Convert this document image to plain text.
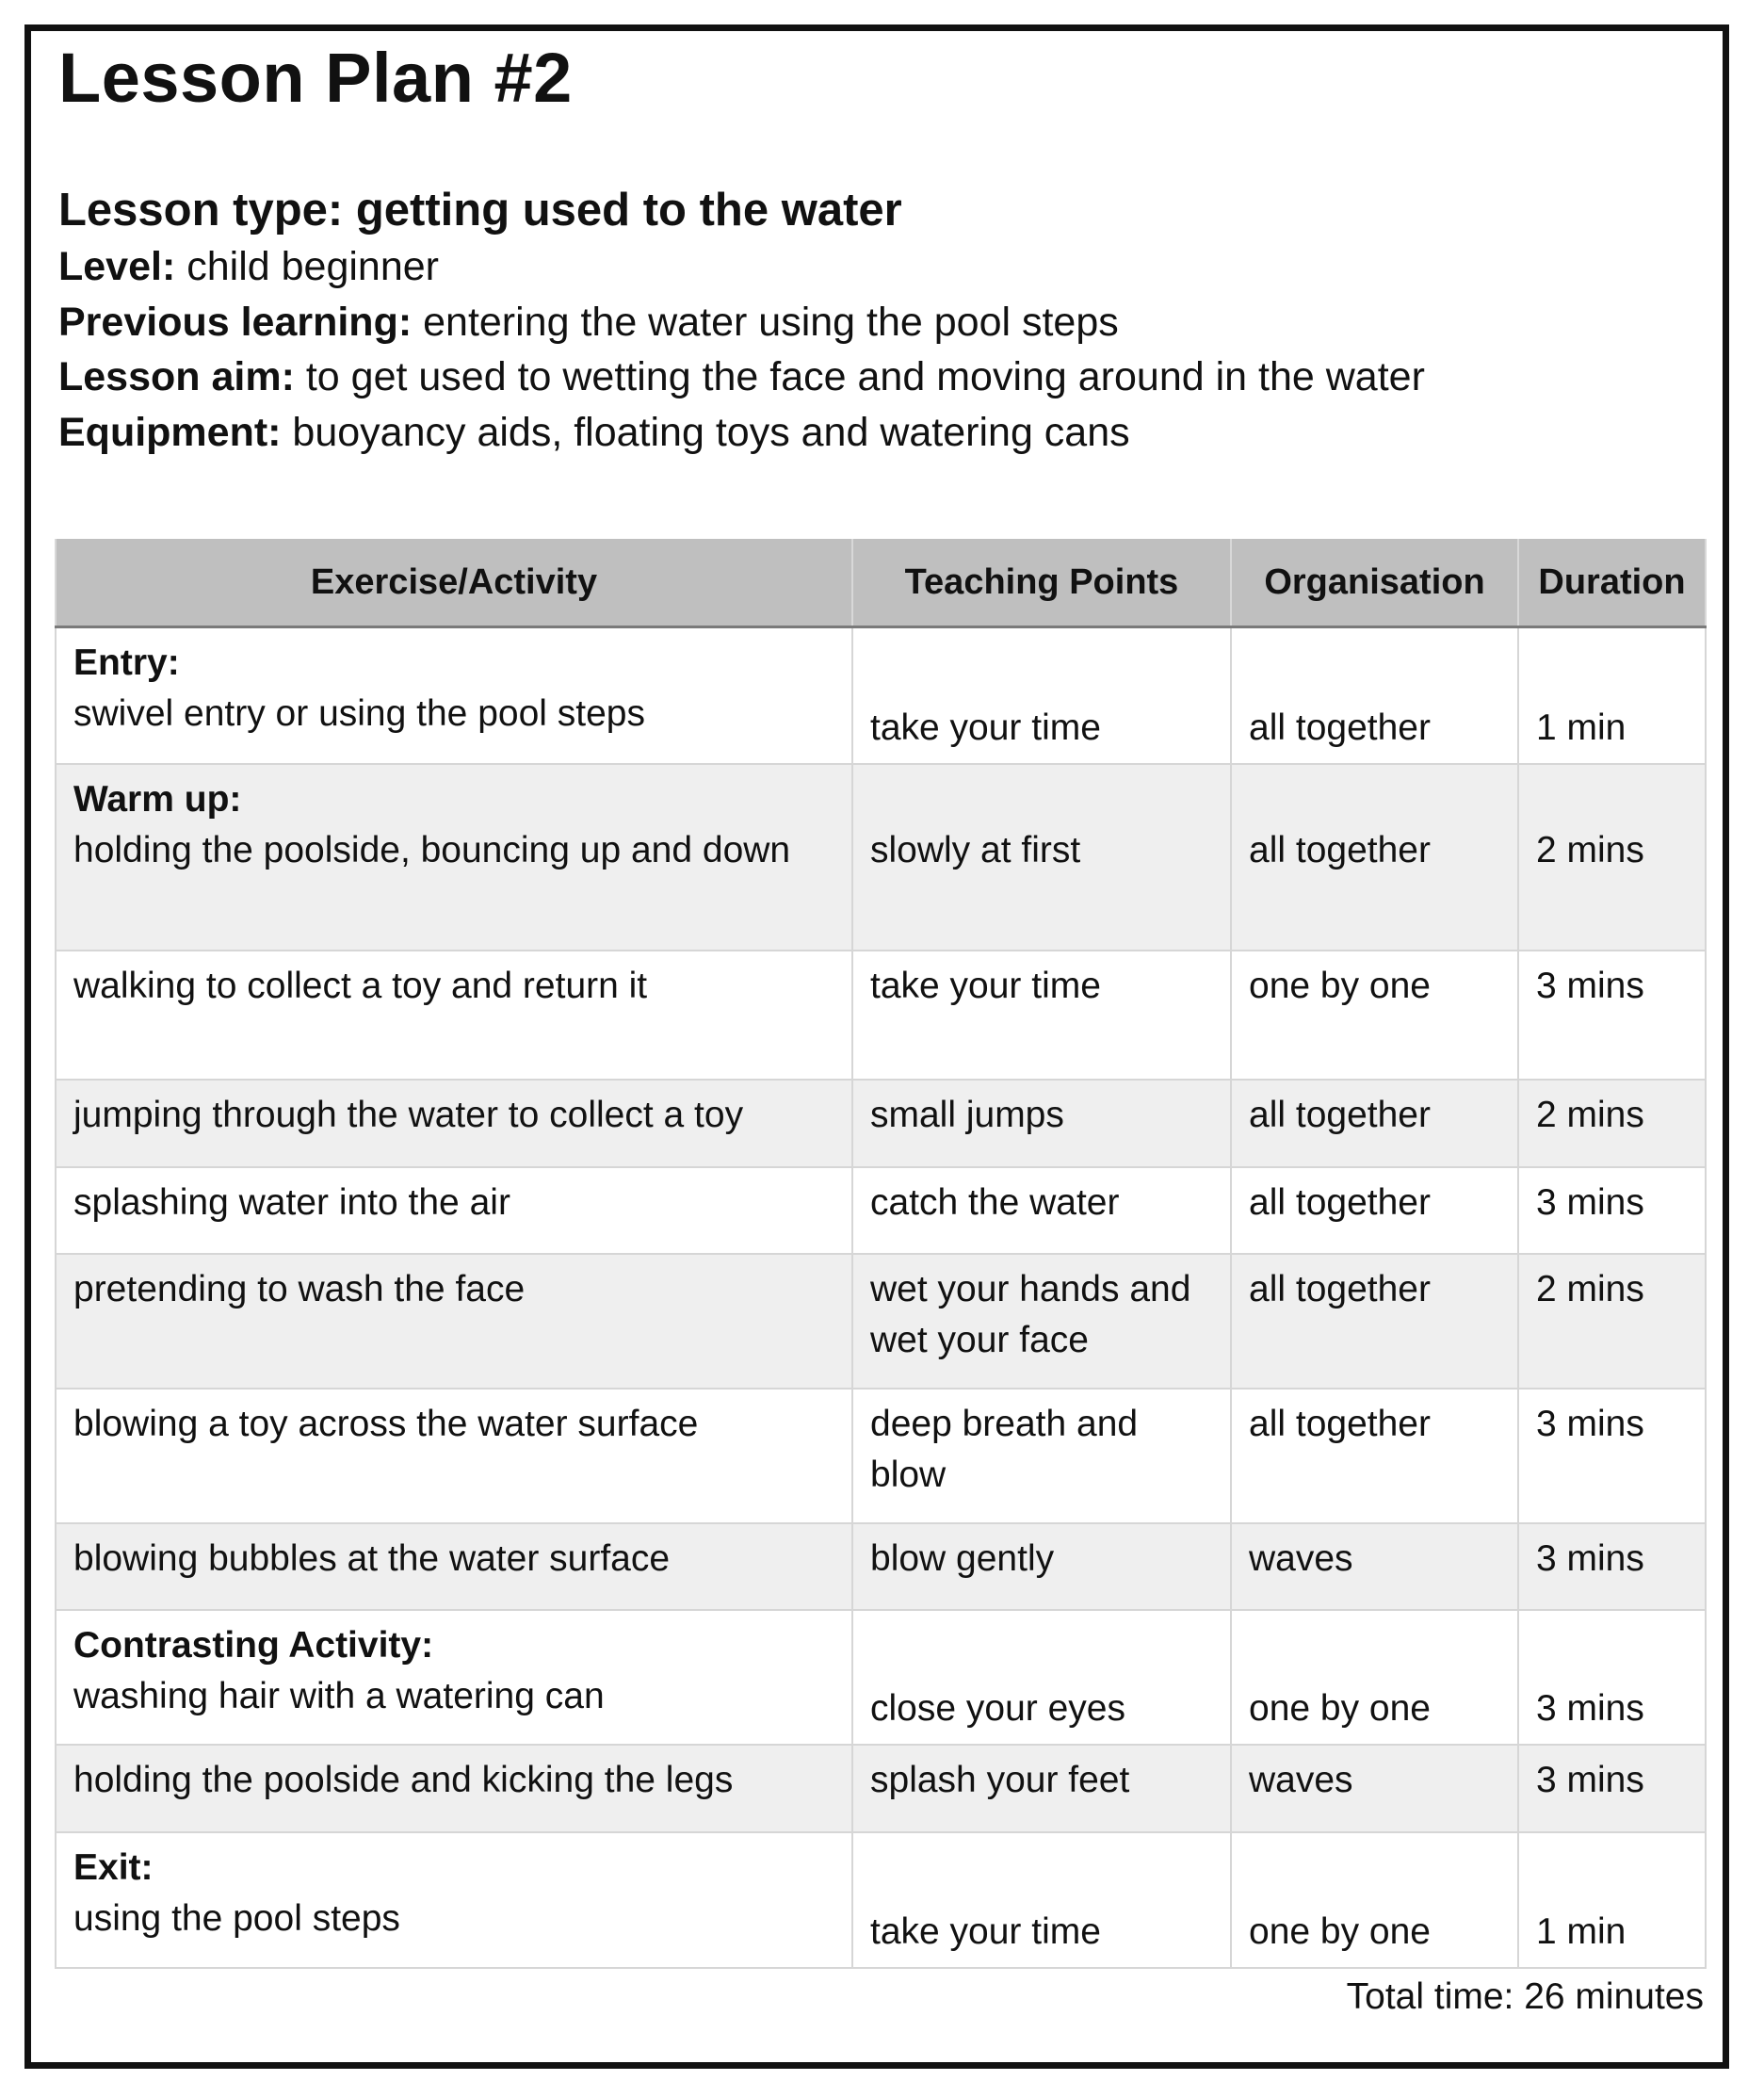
Lesson Plan #2

Lesson type: getting used to the water

Level: child beginner

Previous learning: entering the water using the pool steps

Lesson aim: to get used to wetting the face and moving around in the water

Equipment: buoyancy aids, floating toys and watering cans

Exercise/Activity	Teaching Points	Organisation	Duration

Entry:
swivel entry or using the pool steps	take your time	all together	1 min

Warm up:
holding the poolside, bouncing up and down	slowly at first	all together	2 mins
walking to collect a toy and return it	take your time	one by one	3 mins
jumping through the water to collect a toy	small jumps	all together	2 mins
splashing water into the air	catch the water	all together	3 mins
pretending to wash the face	wet your hands and wet your face	all together	2 mins
blowing a toy across the water surface	deep breath and blow	all together	3 mins
blowing bubbles at the water surface	blow gently	waves	3 mins

Contrasting Activity:
washing hair with a watering can	close your eyes	one by one	3 mins
holding the poolside and kicking the legs	splash your feet	waves	3 mins

Exit:
using the pool steps	take your time	one by one	1 min

Total time: 26 minutes
